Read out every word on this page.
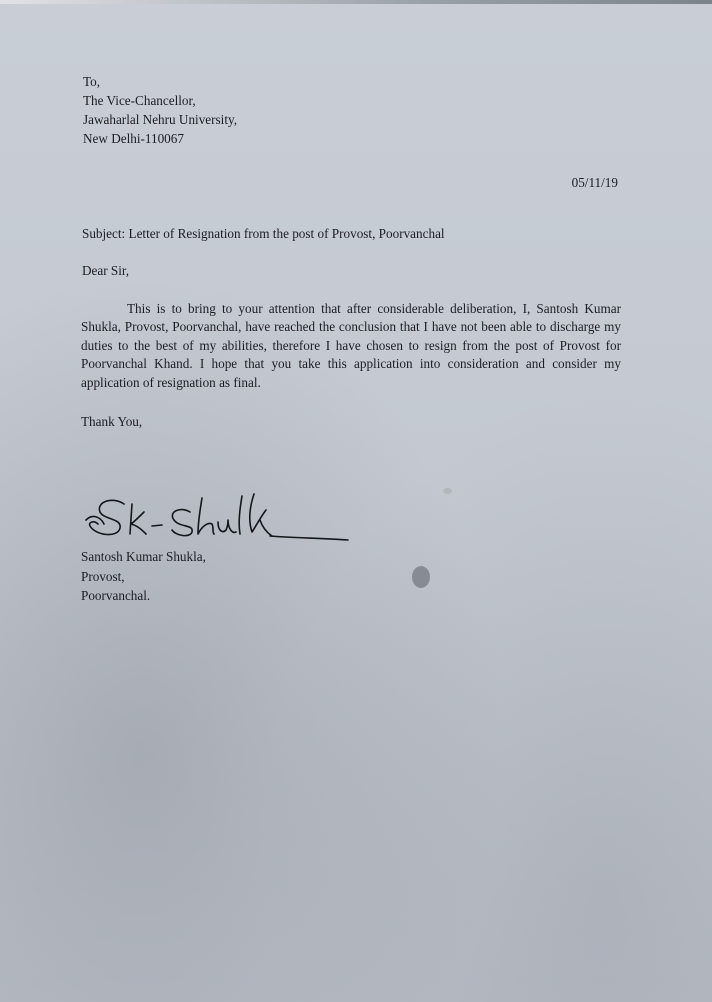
To,
The Vice-Chancellor,
Jawaharlal Nehru University,
New Delhi-110067
05/11/19
Subject: Letter of Resignation from the post of Provost, Poorvanchal
Dear Sir,
This is to bring to your attention that after considerable deliberation, I, Santosh Kumar Shukla, Provost, Poorvanchal, have reached the conclusion that I have not been able to discharge my duties to the best of my abilities, therefore I have chosen to resign from the post of Provost for Poorvanchal Khand. I hope that you take this application into consideration and consider my application of resignation as final.
Thank You,
Santosh Kumar Shukla,
Provost,
Poorvanchal.
